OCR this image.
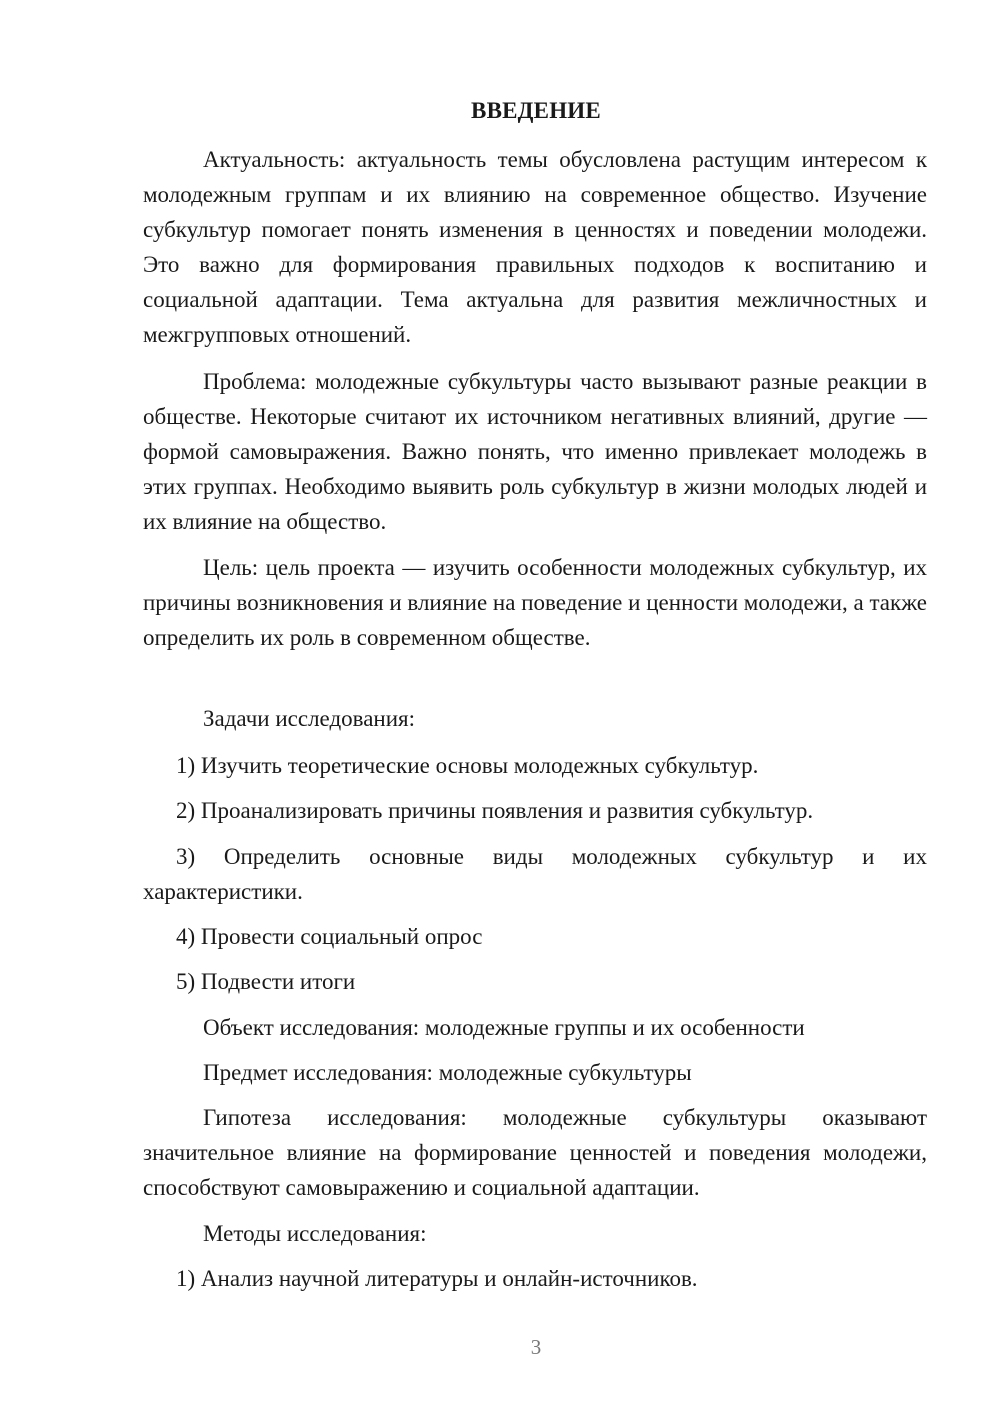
ВВЕДЕНИЕ

Актуальность: актуальность темы обусловлена растущим интересом к молодежным группам и их влиянию на современное общество. Изучение субкультур помогает понять изменения в ценностях и поведении молодежи. Это важно для формирования правильных подходов к воспитанию и социальной адаптации. Тема актуальна для развития межличностных и межгрупповых отношений.

Проблема: молодежные субкультуры часто вызывают разные реакции в обществе. Некоторые считают их источником негативных влияний, другие — формой самовыражения. Важно понять, что именно привлекает молодежь в этих группах. Необходимо выявить роль субкультур в жизни молодых людей и их влияние на общество.

Цель: цель проекта — изучить особенности молодежных субкультур, их причины возникновения и влияние на поведение и ценности молодежи, а также определить их роль в современном обществе.

Задачи исследования:

1) Изучить теоретические основы молодежных субкультур.

2) Проанализировать причины появления и развития субкультур.

3) Определить основные виды молодежных субкультур и их характеристики.

4) Провести социальный опрос

5) Подвести итоги

Объект исследования: молодежные группы и их особенности

Предмет исследования: молодежные субкультуры

Гипотеза исследования: молодежные субкультуры оказывают значительное влияние на формирование ценностей и поведения молодежи, способствуют самовыражению и социальной адаптации.

Методы исследования:

1) Анализ научной литературы и онлайн-источников.

3
